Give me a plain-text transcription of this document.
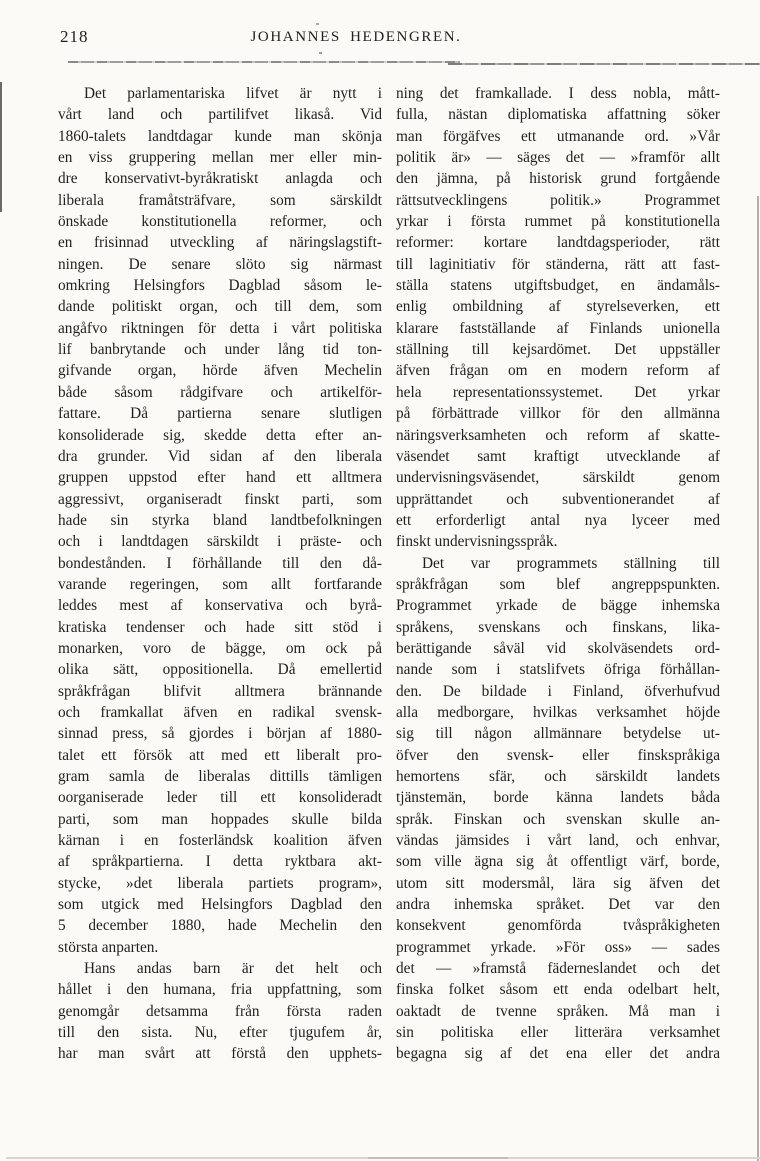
218	JOHANNES HEDENGREN.
Det parlamentariska lifvet är nytt i
vårt land och partilifvet likaså. Vid
1860-talets landtdagar kunde man skönja
en viss gruppering mellan mer eller min-
dre konservativt-byråkratiskt anlagda och
liberala framåtsträfvare, som särskildt
önskade konstitutionella reformer, och
en frisinnad utveckling af näringslagstift-
ningen. De senare slöto sig närmast
omkring Helsingfors Dagblad såsom le-
dande politiskt organ, och till dem, som
angåfvo riktningen för detta i vårt politiska
lif banbrytande och under lång tid ton-
gifvande organ, hörde äfven Mechelin
både såsom rådgifvare och artikelför-
fattare. Då partierna senare slutligen
konsoliderade sig, skedde detta efter an-
dra grunder. Vid sidan af den liberala
gruppen uppstod efter hand ett alltmera
aggressivt, organiseradt finskt parti, som
hade sin styrka bland landtbefolkningen
och i landtdagen särskildt i präste- och
bondestånden. I förhållande till den då-
varande regeringen, som allt fortfarande
leddes mest af konservativa och byrå-
kratiska tendenser och hade sitt stöd i
monarken, voro de bägge, om ock på
olika sätt, oppositionella. Då emellertid
språkfrågan blifvit alltmera brännande
och framkallat äfven en radikal svensk-
sinnad press, så gjordes i början af 1880-
talet ett försök att med ett liberalt pro-
gram samla de liberalas dittills tämligen
oorganiserade leder till ett konsolideradt
parti, som man hoppades skulle bilda
kärnan i en fosterländsk koalition äfven
af språkpartierna. I detta ryktbara akt-
stycke, »det liberala partiets program»,
som utgick med Helsingfors Dagblad den
5 december 1880, hade Mechelin den
största anparten.
Hans andas barn är det helt och
hållet i den humana, fria uppfattning, som
genomgår detsamma från första raden
till den sista. Nu, efter tjugufem år,
har man svårt att förstå den upphets-
ning det framkallade. I dess nobla, mått-
fulla, nästan diplomatiska affattning söker
man förgäfves ett utmanande ord. »Vår
politik är» — säges det — »framför allt
den jämna, på historisk grund fortgående
rättsutvecklingens politik.» Programmet
yrkar i första rummet på konstitutionella
reformer: kortare landtdagsperioder, rätt
till laginitiativ för ständerna, rätt att fast-
ställa statens utgiftsbudget, en ändamåls-
enlig ombildning af styrelseverken, ett
klarare fastställande af Finlands unionella
ställning till kejsardömet. Det uppställer
äfven frågan om en modern reform af
hela representationssystemet. Det yrkar
på förbättrade villkor för den allmänna
näringsverksamheten och reform af skatte-
väsendet samt kraftigt utvecklande af
undervisningsväsendet, särskildt genom
upprättandet och subventionerandet af
ett erforderligt antal nya lyceer med
finskt undervisningsspråk.
Det var programmets ställning till
språkfrågan som blef angreppspunkten.
Programmet yrkade de bägge inhemska
språkens, svenskans och finskans, lika-
berättigande såväl vid skolväsendets ord-
nande som i statslifvets öfriga förhållan-
den. De bildade i Finland, öfverhufvud
alla medborgare, hvilkas verksamhet höjde
sig till någon allmännare betydelse ut-
öfver den svensk- eller finskspråkiga
hemortens sfär, och särskildt landets
tjänstemän, borde känna landets båda
språk. Finskan och svenskan skulle an-
vändas jämsides i vårt land, och enhvar,
som ville ägna sig åt offentligt värf, borde,
utom sitt modersmål, lära sig äfven det
andra inhemska språket. Det var den
konsekvent genomförda tvåspråkigheten
programmet yrkade. »För oss» — sades
det — »framstå fäderneslandet och det
finska folket såsom ett enda odelbart helt,
oaktadt de tvenne språken. Må man i
sin politiska eller litterära verksamhet
begagna sig af det ena eller det andra
